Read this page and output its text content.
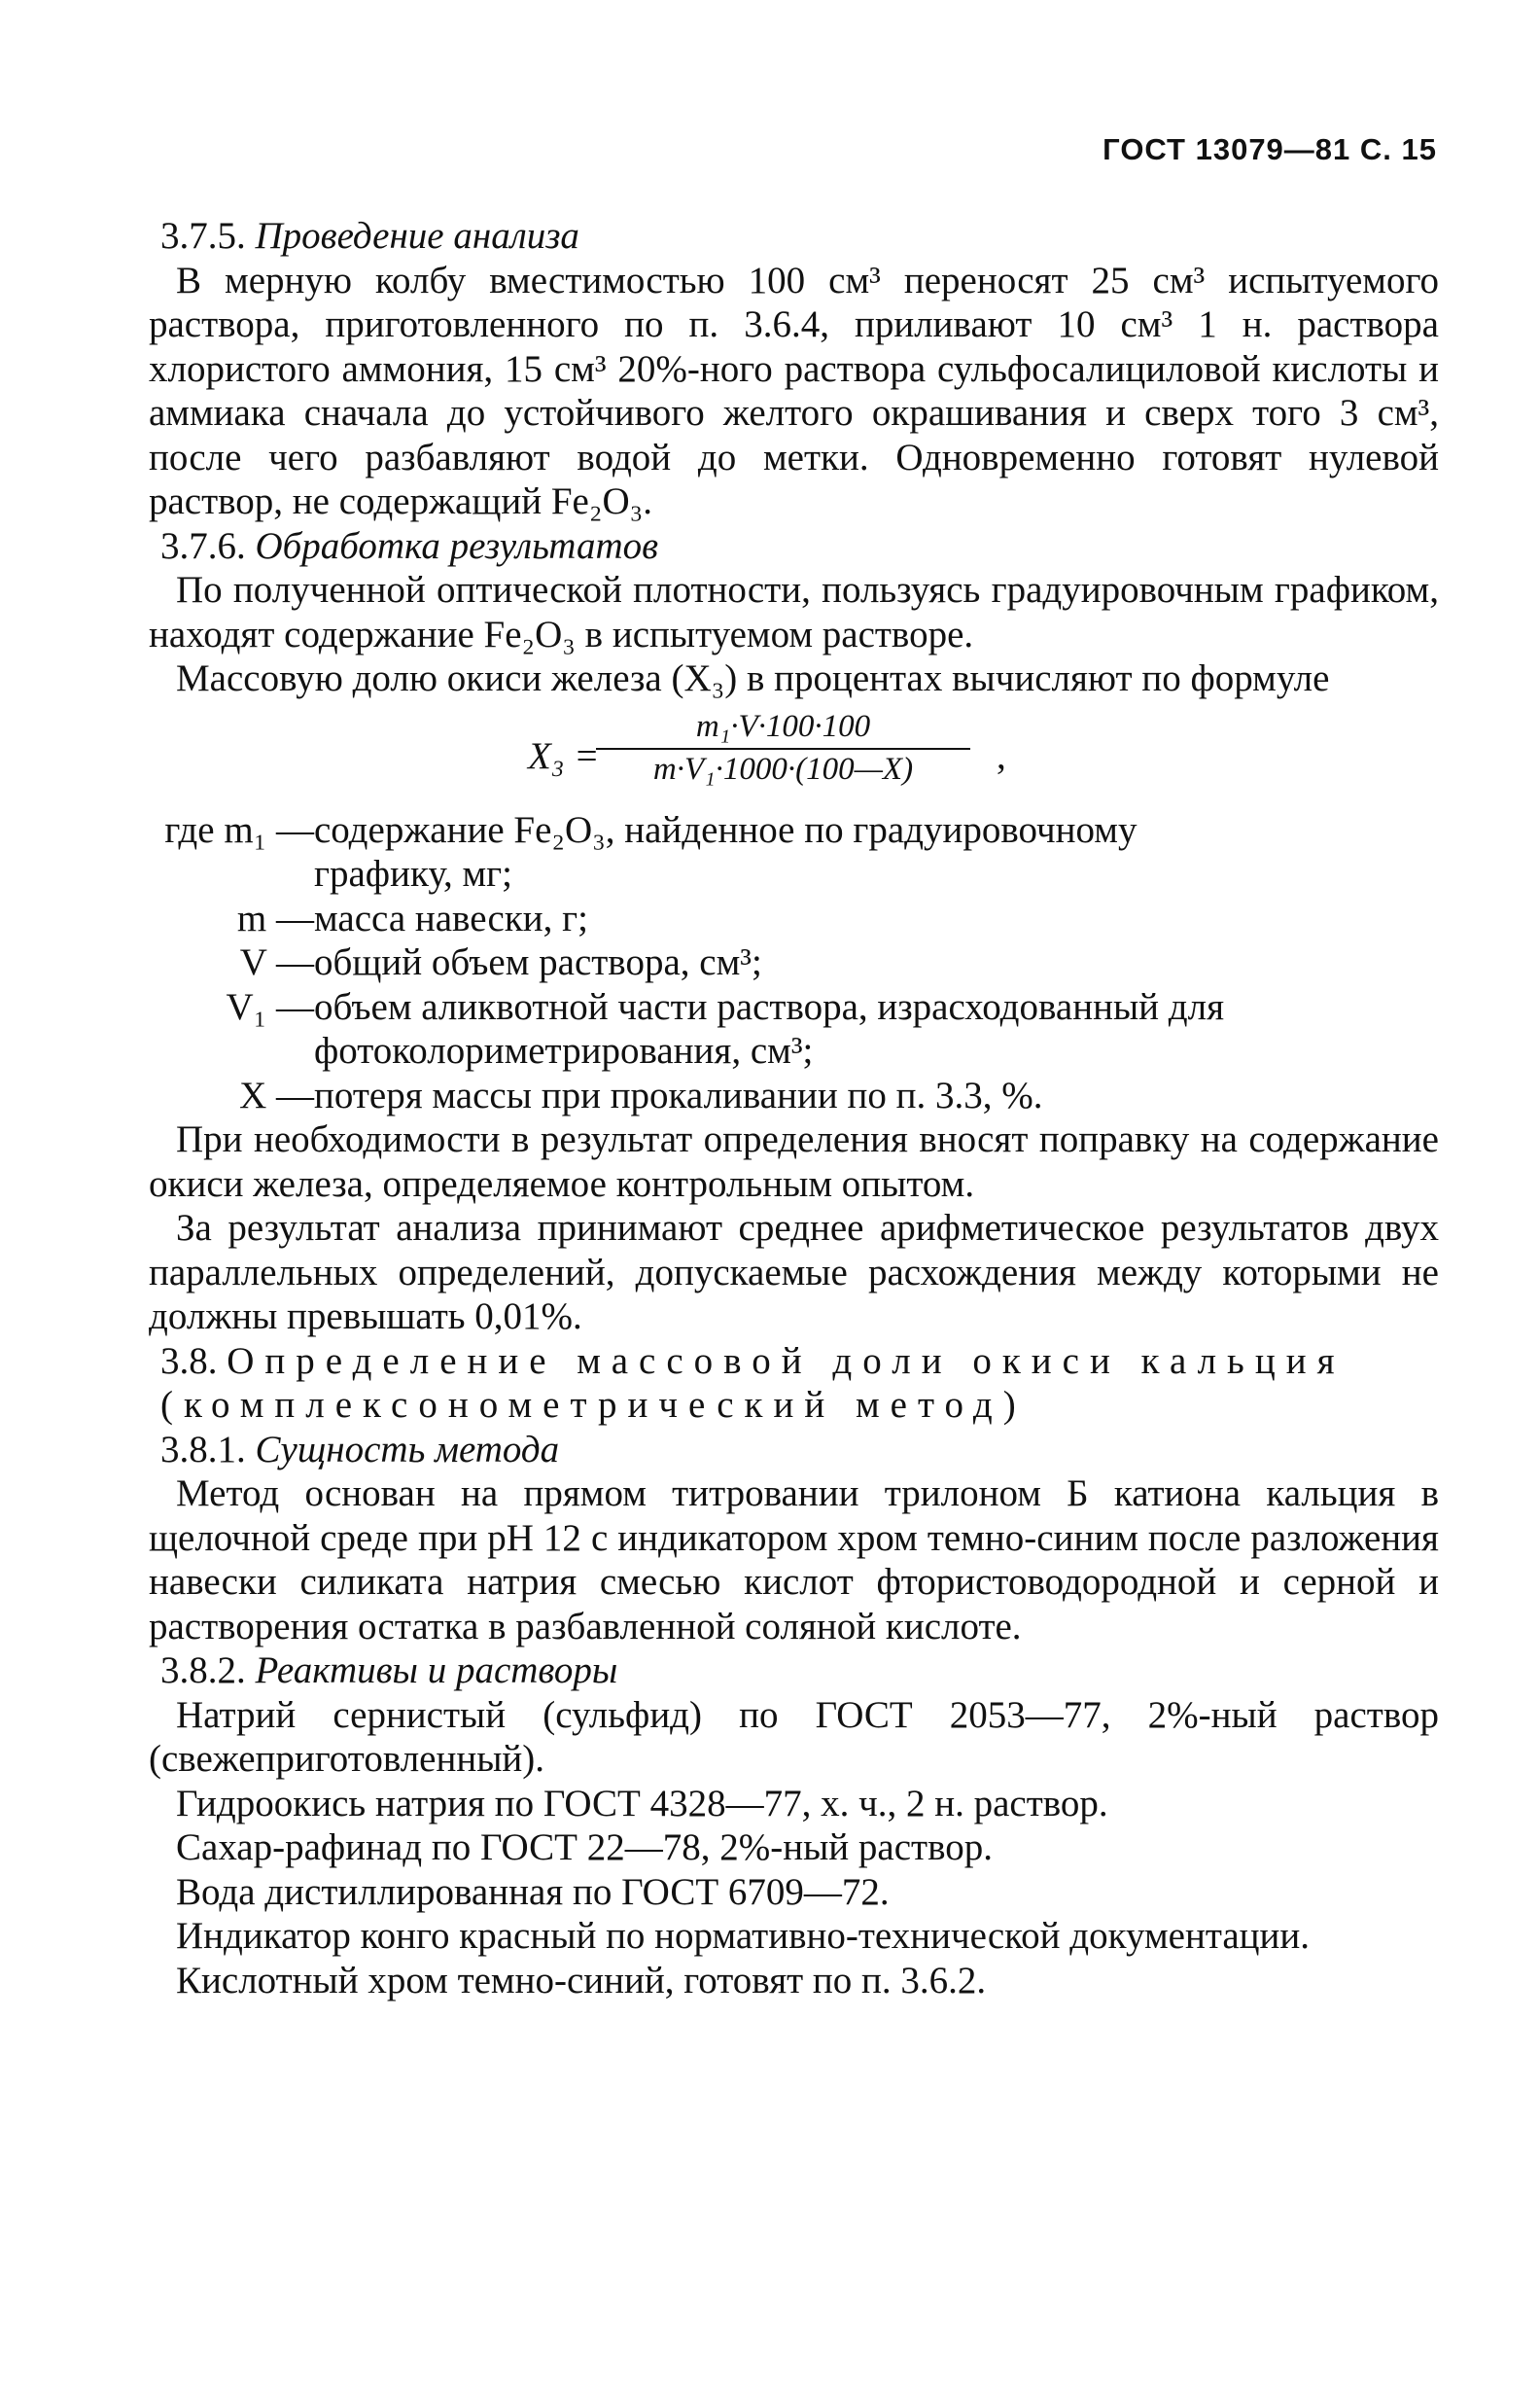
ГОСТ 13079—81 С. 15
3.7.5. Проведение анализа
В мерную колбу вместимостью 100 см³ переносят 25 см³ испытуемого раствора, приготовленного по п. 3.6.4, приливают 10 см³ 1 н. раствора хлористого аммония, 15 см³ 20%-ного раствора сульфосалициловой кислоты и аммиака сначала до устойчивого желтого окрашивания и сверх того 3 см³, после чего разбавляют водой до метки. Одновременно готовят нулевой раствор, не содержащий Fe₂O₃.
3.7.6. Обработка результатов
По полученной оптической плотности, пользуясь градуировочным графиком, находят содержание Fe₂O₃ в испытуемом растворе.
Массовую долю окиси железа (X₃) в процентах вычисляют по формуле
X₃ =
$\frac{\text{m₁·V·100·100}}{\text{m·V₁·1000·(100—X)}}$ ,
где m₁ — содержание Fe₂O₃, найденное по градуировочному
графику, мг;
m — масса навески, г;
V — общий объем раствора, см³;
V₁ — объем аликвотной части раствора, израсходованный для
фотоколориметрирования, см³;
X — потеря массы при прокаливании по п. 3.3, %.
При необходимости в результат определения вносят поправку на содержание окиси железа, определяемое контрольным опытом.
За результат анализа принимают среднее арифметическое результатов двух параллельных определений, допускаемые расхождения между которыми не должны превышать 0,01%.
3.8. Определение массовой доли окиси кальция (комплексонометрический метод)
3.8.1. Сущность метода
Метод основан на прямом титровании трилоном Б катиона кальция в щелочной среде при pH 12 с индикатором хром темно-синим после разложения навески силиката натрия смесью кислот фтористоводородной и серной и растворения остатка в разбавленной соляной кислоте.
3.8.2. Реактивы и растворы
Натрий сернистый (сульфид) по ГОСТ 2053—77, 2%-ный раствор (свежеприготовленный).
Гидроокись натрия по ГОСТ 4328—77, х. ч., 2 н. раствор.
Сахар-рафинад по ГОСТ 22—78, 2%-ный раствор.
Вода дистиллированная по ГОСТ 6709—72.
Индикатор конго красный по нормативно-технической документации.
Кислотный хром темно-синий, готовят по п. 3.6.2.
